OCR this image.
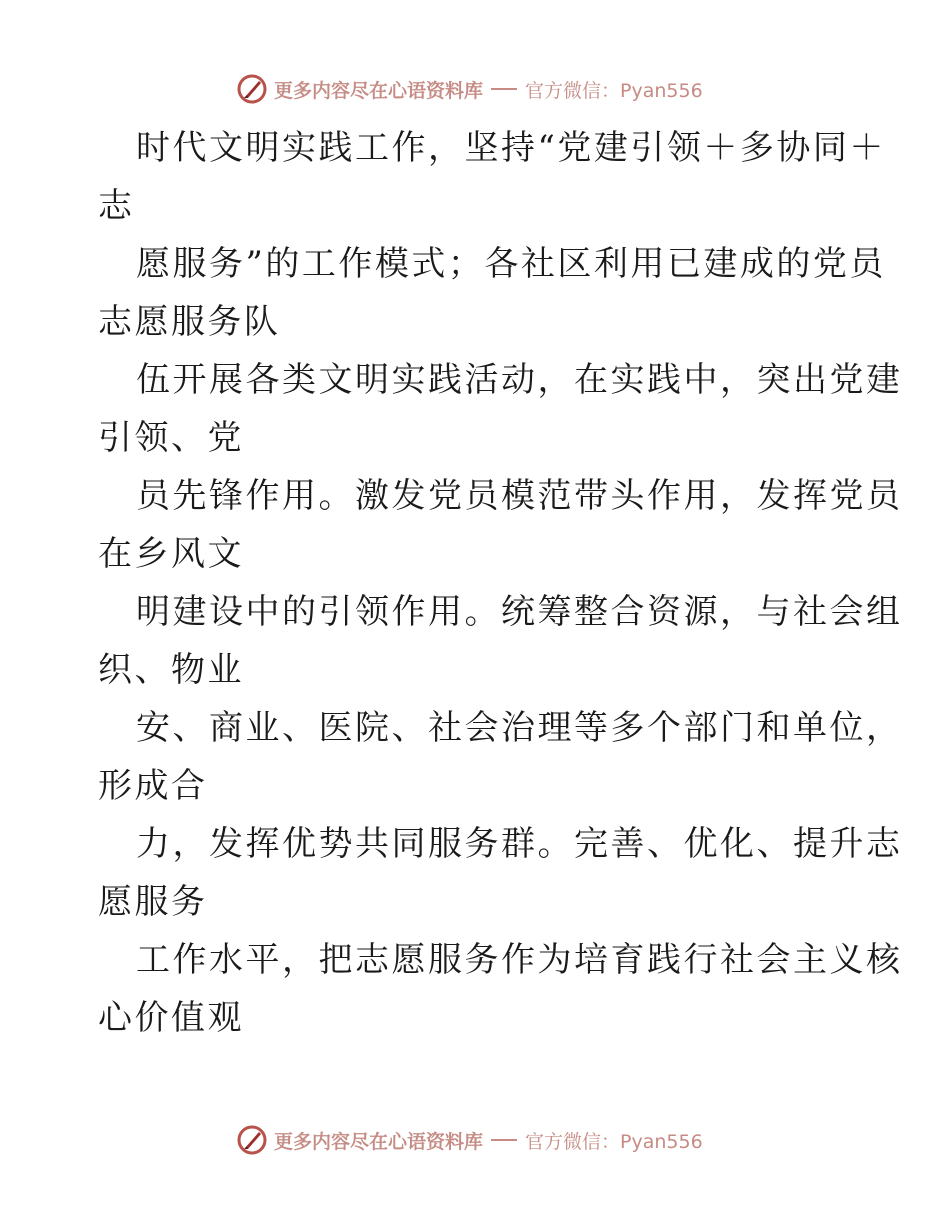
更多内容尽在心语资料库 官方微信：Pyan556
时代文明实践工作，坚持“党建引领＋多协同＋
志
愿服务”的工作模式；各社区利用已建成的党员
志愿服务队
伍开展各类文明实践活动，在实践中，突出党建
引领、党
员先锋作用。激发党员模范带头作用，发挥党员
在乡风文
明建设中的引领作用。统筹整合资源，与社会组
织、物业
安、商业、医院、社会治理等多个部门和单位，
形成合
力，发挥优势共同服务群。完善、优化、提升志
愿服务
工作水平，把志愿服务作为培育践行社会主义核
心价值观
更多内容尽在心语资料库 官方微信：Pyan556
